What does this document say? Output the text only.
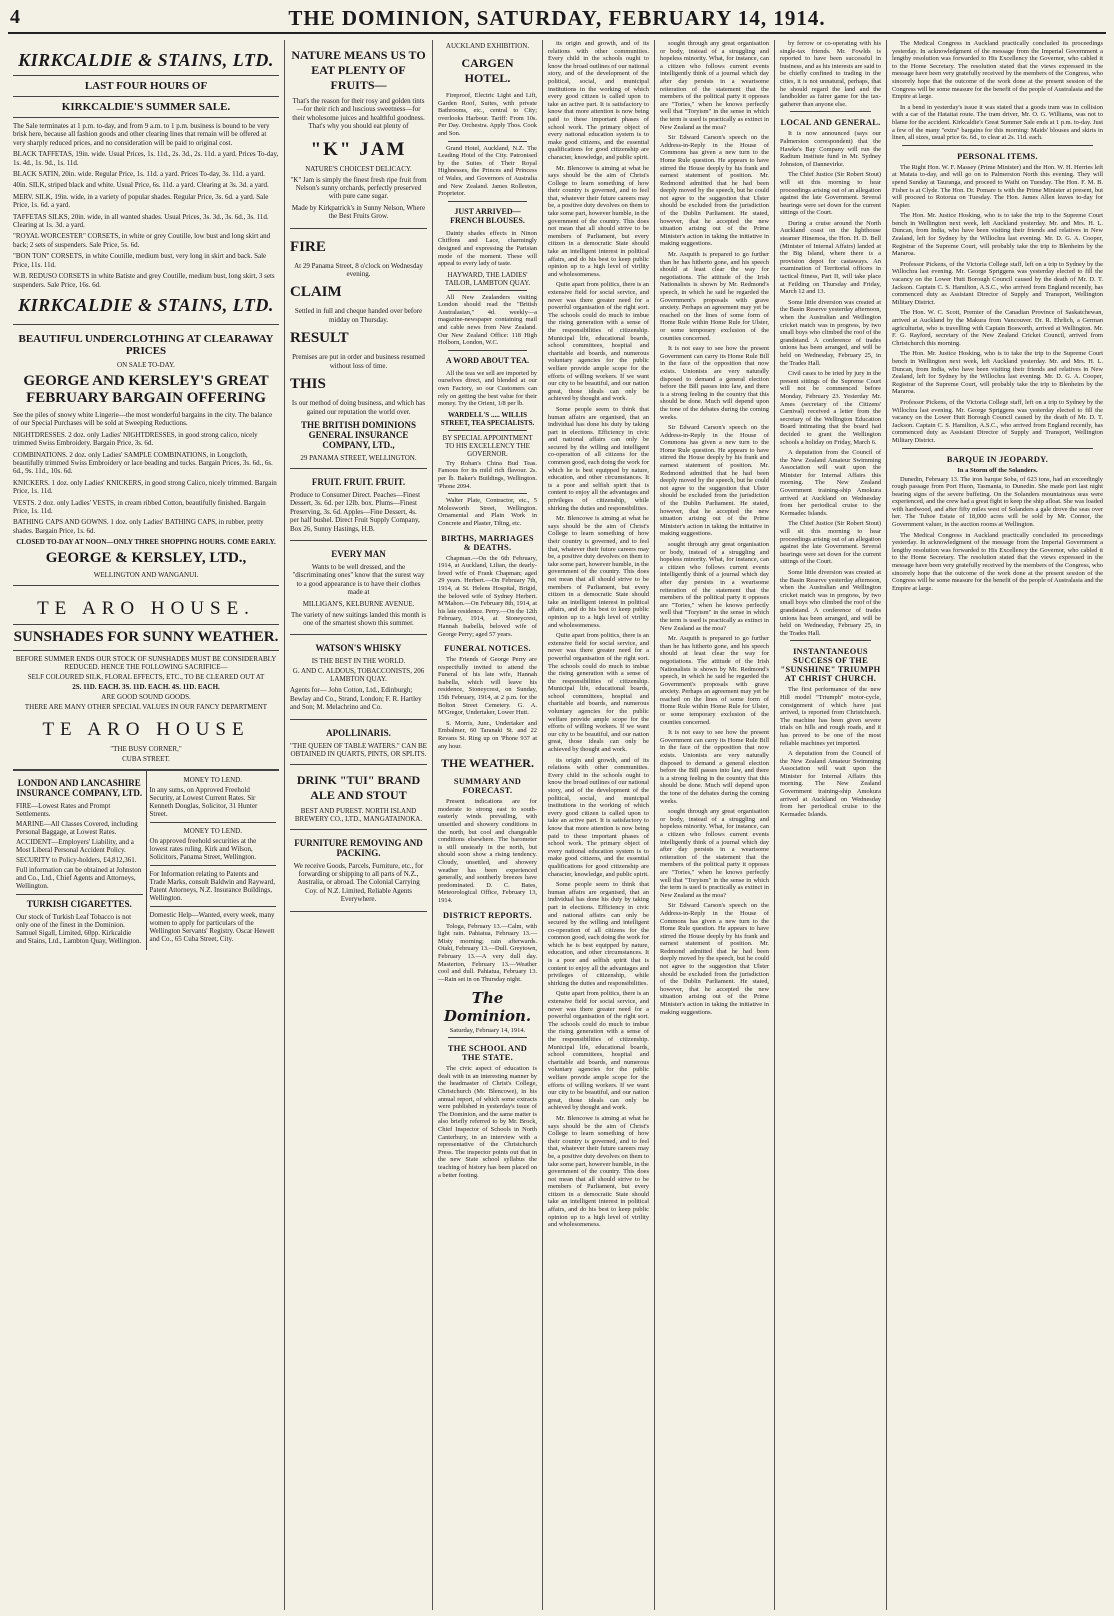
4	THE DOMINION, SATURDAY, FEBRUARY 14, 1914.
KIRKCALDIE & STAINS, LTD.
LAST FOUR HOURS OF
KIRKCALDIE'S SUMMER SALE.
The Sale terminates at 1 p.m. to-day, and from 9 a.m. to 1 p.m. business is bound to be very brisk here, because all fashion goods and other clearing lines that remain will be offered at very sharply reduced prices, and no consideration will be paid to original cost.
BLACK TAFFETAS, 19in. wide. Usual Prices, 1s. 11d., 2s. 3d., 2s. 11d. a yard. Prices To-day, 1s. 4d., 1s. 9d., 1s. 11d.
BLACK SATIN, 20in. wide. Regular Price, 1s. 11d. a yard. Prices To-day, 3s. 11d. a yard.
40in. SILK, striped black and white. Usual Price, 6s. 11d. a yard. Clearing at 3s. 3d. a yard.
MERV. SILK, 19in. wide, in a variety of popular shades. Regular Price, 3s. 6d. a yard. Sale Price, 1s. 6d. a yard.
TAFFETAS SILKS, 20in. wide, in all wanted shades. Usual Prices, 3s. 3d., 3s. 6d., 3s. 11d. Clearing at 1s. 3d. a yard.
"ROYAL WORCESTER" CORSETS, in white or grey Coutille, low bust and long skirt and back; 2 sets of suspenders. Sale Price, 5s. 6d.
"BON TON" CORSETS, in white Coutille, medium bust, very long in skirt and back. Sale Price, 11s. 11d.
W.B. REDUSO CORSETS in white Batiste and grey Coutille, medium bust, long skirt, 3 sets suspenders. Sale Price, 16s. 6d.
KIRKCALDIE & STAINS, LTD.
BEAUTIFUL UNDERCLOTHING AT CLEARAWAY PRICES
ON SALE TO-DAY.
GEORGE AND KERSLEY'S GREAT FEBRUARY BARGAIN OFFERING
See the piles of snowy white Lingerie—the most wonderful bargains in the city. The balance of our Special Purchases will be sold at Sweeping Reductions.
NIGHTDRESSES. 2 doz. only Ladies' NIGHTDRESSES, in good strong calico, nicely trimmed Swiss Embroidery. Bargain Price, 3s. 6d.
COMBINATIONS. 2 doz. only Ladies' SAMPLE COMBINATIONS, in Longcloth, beautifully trimmed Swiss Embroidery or lace beading and tucks. Bargain Prices, 3s. 6d., 6s. 6d., 9s. 11d., 10s. 6d.
KNICKERS. 1 doz. only Ladies' KNICKERS, in good strong Calico, nicely trimmed. Bargain Price, 1s. 11d.
VESTS. 2 doz. only Ladies' VESTS, in cream ribbed Cotton, beautifully finished. Bargain Price, 1s. 11d.
BATHING CAPS AND GOWNS. 1 doz. only Ladies' BATHING CAPS, in rubber, pretty shades. Bargain Price, 1s. 6d.
CLOSED TO-DAY AT NOON—ONLY THREE SHOPPING HOURS. COME EARLY.
GEORGE & KERSLEY, LTD.,
WELLINGTON AND WANGANUI.
TE ARO HOUSE.
SUNSHADES FOR SUNNY WEATHER.
BEFORE SUMMER ENDS OUR STOCK OF SUNSHADES MUST BE CONSIDERABLY REDUCED. HENCE THE FOLLOWING SACRIFICE—
SELF COLOURED SILK, FLORAL EFFECTS, ETC., TO BE CLEARED OUT AT
2S. 11D. EACH. 3S. 11D. EACH. 4S. 11D. EACH.
ARE GOOD SOUND GOODS.
THERE ARE MANY OTHER SPECIAL VALUES IN OUR FANCY DEPARTMENT
TE ARO HOUSE
"THE BUSY CORNER,"
CUBA STREET.
LONDON AND LANCASHIRE INSURANCE COMPANY, LTD.
FIRE—Lowest Rates and Prompt Settlements.
MARINE—All Classes Covered, including Personal Baggage, at Lowest Rates.
ACCIDENT—Employers' Liability, and a Most Liberal Personal Accident Policy.
SECURITY to Policy-holders, £4,812,361.
Full information can be obtained at Johnston and Co., Ltd., Chief Agents and Attorneys, Wellington.
TURKISH CIGARETTES.
Our stock of Turkish Leaf Tobacco is not only one of the finest in the Dominion. Samuel Sigall, Limited, 60pp. Kirkcaldie and Stains, Ltd., Lambton Quay, Wellington.
MONEY TO LEND.
In any sums, on Approved Freehold Security, at Lowest Current Rates. Sir Kenneth Douglas, Solicitor, 31 Hunter Street.
MONEY TO LEND.
On approved freehold securities at the lowest rates ruling. Kirk and Wilson, Solicitors, Panama Street, Wellington.
For Information relating to Patents and Trade Marks, consult Baldwin and Rayward, Patent Attorneys, N.Z. Insurance Buildings, Wellington.
Domestic Help—Wanted, every week, many women to apply for particulars of the Wellington Servants' Registry. Oscar Hewett and Co., 65 Cuba Street, City.
NATURE MEANS US TO EAT PLENTY OF FRUITS—
That's the reason for their rosy and golden tints—for their rich and luscious sweetness—for their wholesome juices and healthful goodness. That's why you should eat plenty of
"K" JAM
NATURE'S CHOICEST DELICACY.
"K" Jam is simply the finest fresh ripe fruit from Nelson's sunny orchards, perfectly preserved with pure cane sugar.
Made by Kirkpatrick's in Sunny Nelson, Where the Best Fruits Grow.
FIRE
At 29 Panama Street, 8 o'clock on Wednesday evening.
CLAIM
Settled in full and cheque handed over before midday on Thursday.
RESULT
Premises are put in order and business resumed without loss of time.
THIS
Is our method of doing business, and which has gained our reputation the world over.
THE BRITISH DOMINIONS GENERAL INSURANCE COMPANY, LTD.,
29 PANAMA STREET, WELLINGTON.
FRUIT. FRUIT. FRUIT.
Produce to Consumer Direct. Peaches—Finest Dessert, 3s. 6d. per 12lb. box. Plums—Finest Preserving, 3s. 6d. Apples—Fine Dessert, 4s. per half bushel. Direct Fruit Supply Company, Box 26, Sunny Hastings, H.B.
EVERY MAN
Wants to be well dressed, and the "discriminating ones" know that the surest way to a good appearance is to have their clothes made at
MILLIGAN'S, KELBURNE AVENUE.
The variety of new suitings landed this month is one of the smartest shown this summer.
WATSON'S WHISKY
IS THE BEST IN THE WORLD.
G. AND C. ALDOUS, TOBACCONISTS, 206 LAMBTON QUAY.
Agents for— John Cotton, Ltd., Edinburgh; Bewlay and Co., Strand, London; F. R. Hartley and Son; M. Melachrino and Co.
APOLLINARIS.
"THE QUEEN OF TABLE WATERS." CAN BE OBTAINED IN QUARTS, PINTS, OR SPLITS.
DRINK "TUI" BRAND ALE AND STOUT
BEST AND PUREST. NORTH ISLAND BREWERY CO., LTD., MANGATAINOKA.
FURNITURE REMOVING AND PACKING.
We receive Goods, Parcels, Furniture, etc., for forwarding or shipping to all parts of N.Z., Australia, or abroad. The Colonial Carrying Coy. of N.Z. Limited, Reliable Agents Everywhere.
AUCKLAND EXHIBITION.
CARGEN HOTEL.

Fireproof, Electric Light and Lift, Garden Roof, Suites, with private Bathrooms, etc., central to City; overlooks Harbour. Tariff: From 10s. Per Day. Orchestra. Apply Thos. Cook and Son.

Grand Hotel, Auckland, N.Z. The Leading Hotel of the City. Patronised by the Suites of Their Royal Highnesses, the Princes and Princess of Wales, and Governors of Australia and New Zealand. James Rolleston, Proprietor.

JUST ARRIVED— FRENCH BLOUSES.

Dainty shades effects in Ninon Chiffons and Lace, charmingly designed and expressing the Parisian mode of the moment. These will appeal to every lady of taste.

HAYWARD, THE LADIES' TAILOR, LAMBTON QUAY.

All New Zealanders visiting London should read the "British Australasian," 4d. weekly—a magazine-newspaper containing mail and cable news from New Zealand. Our New Zealand Office: 118 High Holborn, London, W.C.

A WORD ABOUT TEA.

All the teas we sell are imported by ourselves direct, and blended at our own Factory, so our Customers can rely on getting the best value for their money. Try the Orient, 1/8 per lb.

WARDELL'S ..... WILLIS STREET, TEA SPECIALISTS.
BY SPECIAL APPOINTMENT TO HIS EXCELLENCY THE GOVERNOR.

Try Rohan's China Bud Teas. Famous for its mild rich flavour. 2s. per lb. Baker's Buildings, Wellington. 'Phone 2094.

Walter Plate, Contractor, etc., 5 Molesworth Street, Wellington. Ornamental and Plain Work in Concrete and Plaster, Tiling, etc.

BIRTHS, MARRIAGES & DEATHS.

Chapman.—On the 6th February, 1914, at Auckland, Lilian, the dearly-loved wife of Frank Chapman; aged 29 years. Herbert.—On February 7th, 1914, at St. Helens Hospital, Brigid, the beloved wife of Sydney Herbert. M'Mahon.—On February 8th, 1914, at his late residence. Perry.—On the 12th February, 1914, at Stoneycrest, Hannah Isabella, beloved wife of George Perry; aged 57 years.

FUNERAL NOTICES.

The Friends of George Perry are respectfully invited to attend the Funeral of his late wife, Hannah Isabella, which will leave his residence, Stoneycrest, on Sunday, 15th February, 1914, at 2 p.m. for the Bolton Street Cemetery. G. A. M'Gregor, Undertaker, Lower Hutt.

S. Morris, Junr., Undertaker and Embalmer, 60 Taranaki St. and 22 Revans St. Ring up on 'Phone 937 at any hour.

THE WEATHER.
SUMMARY AND FORECAST.

Present indications are for moderate to strong east to south-easterly winds prevailing, with unsettled and showery conditions in the north, but cool and changeable conditions elsewhere. The barometer is still unsteady in the north, but should soon show a rising tendency. Cloudy, unsettled, and showery weather has been experienced generally, and southerly breezes have predominated. D. C. Bates, Meteorological Office, February 13, 1914.

DISTRICT REPORTS.

Tologa, February 13.—Calm, with light rain. Pahiatua, February 13.—Misty morning; rain afterwards. Otaki, February 13.—Dull. Greytown, February 13.—A very dull day. Masterton, February 13.—Weather cool and dull. Pahiatua, February 13.—Rain set in on Thursday night.

The Dominion.
Saturday, February 14, 1914.
THE SCHOOL AND THE STATE.

The civic aspect of education is dealt with in an interesting manner by the headmaster of Christ's College, Christchurch (Mr. Blencowe), in his annual report, of which some extracts were published in yesterday's issue of The Dominion, and the same matter is also briefly referred to by Mr. Brock, Chief Inspector of Schools in North Canterbury, in an interview with a representative of the Christchurch Press. The inspector points out that in the new State school syllabus the teaching of history has been placed on a better footing.

its origin and growth, and of its relations with other communities. Every child in the schools ought to know the broad outlines of our national story, and of the development of the political, social, and municipal institutions in the working of which every good citizen is called upon to take an active part. It is satisfactory to know that more attention is now being paid to these important phases of school work. The primary object of every national education system is to make good citizens, and the essential qualifications for good citizenship are character, knowledge, and public spirit.

Mr. Blencowe is aiming at what he says should be the aim of Christ's College to learn something of how their country is governed, and to feel that, whatever their future careers may be, a positive duty devolves on them to take some part, however humble, in the government of the country. This does not mean that all should strive to be members of Parliament, but every citizen in a democratic State should take an intelligent interest in political affairs, and do his best to keep public opinion up to a high level of virility and wholesomeness.

Quite apart from politics, there is an extensive field for social service, and never was there greater need for a powerful organisation of the right sort. The schools could do much to imbue the rising generation with a sense of the responsibilities of citizenship. Municipal life, educational boards, school committees, hospital and charitable aid boards, and numerous voluntary agencies for the public welfare provide ample scope for the efforts of willing workers. If we want our city to be beautiful, and our nation great, those ideals can only be achieved by thought and work.

Some people seem to think that human affairs are organised, that an individual has done his duty by taking part in elections. Efficiency in civic and national affairs can only be secured by the willing and intelligent co-operation of all citizens for the common good, each doing the work for which he is best equipped by nature, education, and other circumstances. It is a poor and selfish spirit that is content to enjoy all the advantages and privileges of citizenship, while shirking the duties and responsibilities.

Mr. Blencowe is aiming at what he says should be the aim of Christ's College to learn something of how their country is governed, and to feel that, whatever their future careers may be, a positive duty devolves on them to take some part, however humble, in the government of the country. This does not mean that all should strive to be members of Parliament, but every citizen in a democratic State should take an intelligent interest in political affairs, and do his best to keep public opinion up to a high level of virility and wholesomeness.

Quite apart from politics, there is an extensive field for social service, and never was there greater need for a powerful organisation of the right sort. The schools could do much to imbue the rising generation with a sense of the responsibilities of citizenship. Municipal life, educational boards, school committees, hospital and charitable aid boards, and numerous voluntary agencies for the public welfare provide ample scope for the efforts of willing workers. If we want our city to be beautiful, and our nation great, those ideals can only be achieved by thought and work.

its origin and growth, and of its relations with other communities. Every child in the schools ought to know the broad outlines of our national story, and of the development of the political, social, and municipal institutions in the working of which every good citizen is called upon to take an active part. It is satisfactory to know that more attention is now being paid to these important phases of school work. The primary object of every national education system is to make good citizens, and the essential qualifications for good citizenship are character, knowledge, and public spirit.

Some people seem to think that human affairs are organised, that an individual has done his duty by taking part in elections. Efficiency in civic and national affairs can only be secured by the willing and intelligent co-operation of all citizens for the common good, each doing the work for which he is best equipped by nature, education, and other circumstances. It is a poor and selfish spirit that is content to enjoy all the advantages and privileges of citizenship, while shirking the duties and responsibilities.

Quite apart from politics, there is an extensive field for social service, and never was there greater need for a powerful organisation of the right sort. The schools could do much to imbue the rising generation with a sense of the responsibilities of citizenship. Municipal life, educational boards, school committees, hospital and charitable aid boards, and numerous voluntary agencies for the public welfare provide ample scope for the efforts of willing workers. If we want our city to be beautiful, and our nation great, those ideals can only be achieved by thought and work.

Mr. Blencowe is aiming at what he says should be the aim of Christ's College to learn something of how their country is governed, and to feel that, whatever their future careers may be, a positive duty devolves on them to take some part, however humble, in the government of the country. This does not mean that all should strive to be members of Parliament, but every citizen in a democratic State should take an intelligent interest in political affairs, and do his best to keep public opinion up to a high level of virility and wholesomeness.

sought through any great organisation or body, instead of a struggling and hopeless minority. What, for instance, can a citizen who follows current events intelligently think of a journal which day after day persists in a wearisome reiteration of the statement that the members of the political party it opposes are "Tories," when he knows perfectly well that "Toryism" in the sense in which the term is used is practically as extinct in New Zealand as the moa?

Sir Edward Carson's speech on the Address-in-Reply in the House of Commons has given a new turn to the Home Rule question. He appears to have stirred the House deeply by his frank and earnest statement of position. Mr. Redmond admitted that he had been deeply moved by the speech, but he could not agree to the suggestion that Ulster should be excluded from the jurisdiction of the Dublin Parliament. He stated, however, that he accepted the new situation arising out of the Prime Minister's action in taking the initiative in making suggestions.

Mr. Asquith is prepared to go further than he has hitherto gone, and his speech should at least clear the way for negotiations. The attitude of the Irish Nationalists is shown by Mr. Redmond's speech, in which he said he regarded the Government's proposals with grave anxiety. Perhaps an agreement may yet be reached on the lines of some form of Home Rule within Home Rule for Ulster, or some temporary exclusion of the counties concerned.

It is not easy to see how the present Government can carry its Home Rule Bill in the face of the opposition that now exists. Unionists are very naturally disposed to demand a general election before the Bill passes into law, and there is a strong feeling in the country that this should be done. Much will depend upon the tone of the debates during the coming weeks.

Sir Edward Carson's speech on the Address-in-Reply in the House of Commons has given a new turn to the Home Rule question. He appears to have stirred the House deeply by his frank and earnest statement of position. Mr. Redmond admitted that he had been deeply moved by the speech, but he could not agree to the suggestion that Ulster should be excluded from the jurisdiction of the Dublin Parliament. He stated, however, that he accepted the new situation arising out of the Prime Minister's action in taking the initiative in making suggestions.

sought through any great organisation or body, instead of a struggling and hopeless minority. What, for instance, can a citizen who follows current events intelligently think of a journal which day after day persists in a wearisome reiteration of the statement that the members of the political party it opposes are "Tories," when he knows perfectly well that "Toryism" in the sense in which the term is used is practically as extinct in New Zealand as the moa?

Mr. Asquith is prepared to go further than he has hitherto gone, and his speech should at least clear the way for negotiations. The attitude of the Irish Nationalists is shown by Mr. Redmond's speech, in which he said he regarded the Government's proposals with grave anxiety. Perhaps an agreement may yet be reached on the lines of some form of Home Rule within Home Rule for Ulster, or some temporary exclusion of the counties concerned.

It is not easy to see how the present Government can carry its Home Rule Bill in the face of the opposition that now exists. Unionists are very naturally disposed to demand a general election before the Bill passes into law, and there is a strong feeling in the country that this should be done. Much will depend upon the tone of the debates during the coming weeks.

sought through any great organisation or body, instead of a struggling and hopeless minority. What, for instance, can a citizen who follows current events intelligently think of a journal which day after day persists in a wearisome reiteration of the statement that the members of the political party it opposes are "Tories," when he knows perfectly well that "Toryism" in the sense in which the term is used is practically as extinct in New Zealand as the moa?

Sir Edward Carson's speech on the Address-in-Reply in the House of Commons has given a new turn to the Home Rule question. He appears to have stirred the House deeply by his frank and earnest statement of position. Mr. Redmond admitted that he had been deeply moved by the speech, but he could not agree to the suggestion that Ulster should be excluded from the jurisdiction of the Dublin Parliament. He stated, however, that he accepted the new situation arising out of the Prime Minister's action in taking the initiative in making suggestions.

by ferrow or co-operating with his single-tax friends. Mr. Fowlds is reported to have been successful in business, and as his interests are said to be chiefly confined to trading in the cities, it is not unnatural, perhaps, that he should regard the land and the landholder as fairer game for the tax-gatherer than anyone else.

LOCAL AND GENERAL.

It is now announced (says our Palmerston correspondent) that the Hawke's Bay Company will run the Radium Institute fund in Mr. Sydney Johnston, of Dannevirke.

The Chief Justice (Sir Robert Stout) will sit this morning to hear proceedings arising out of an allegation against the late Government. Several hearings were set down for the current sittings of the Court.

During a cruise around the North Auckland coast on the lighthouse steamer Hinemoa, the Hon. H. D. Bell (Minister of Internal Affairs) landed at the Big Island, where there is a provision depot for castaways. An examination of Territorial officers in tactical fitness, Part II, will take place at Feilding on Thursday and Friday, March 12 and 13.

Some little diversion was created at the Basin Reserve yesterday afternoon, when the Australian and Wellington cricket match was in progress, by two small boys who climbed the roof of the grandstand. A conference of trades unions has been arranged, and will be held on Wednesday, February 25, in the Trades Hall.

Civil cases to be tried by jury in the present sittings of the Supreme Court will not be commenced before Monday, February 23. Yesterday Mr. Ames (secretary of the Citizens' Carnival) received a letter from the secretary of the Wellington Education Board intimating that the board had decided to grant the Wellington schools a holiday on Friday, March 6.

A deputation from the Council of the New Zealand Amateur Swimming Association will wait upon the Minister for Internal Affairs this morning. The New Zealand Government training-ship Amokura arrived at Auckland on Wednesday from her periodical cruise to the Kermadec Islands.

The Chief Justice (Sir Robert Stout) will sit this morning to hear proceedings arising out of an allegation against the late Government. Several hearings were set down for the current sittings of the Court.

Some little diversion was created at the Basin Reserve yesterday afternoon, when the Australian and Wellington cricket match was in progress, by two small boys who climbed the roof of the grandstand. A conference of trades unions has been arranged, and will be held on Wednesday, February 25, in the Trades Hall.

INSTANTANEOUS SUCCESS OF THE "SUNSHINE" TRIUMPH AT CHRIST CHURCH.

The first performance of the new Hill model "Triumph" motor-cycle, consignment of which have just arrived, is reported from Christchurch. The machine has been given severe trials on hills and rough roads, and it has proved to be one of the most reliable machines yet imported.

A deputation from the Council of the New Zealand Amateur Swimming Association will wait upon the Minister for Internal Affairs this morning. The New Zealand Government training-ship Amokura arrived at Auckland on Wednesday from her periodical cruise to the Kermadec Islands.

The Medical Congress in Auckland practically concluded its proceedings yesterday. In acknowledgment of the message from the Imperial Government a lengthy resolution was forwarded to His Excellency the Governor, who cabled it to the Home Secretary. The resolution stated that the views expressed in the message have been very gratefully received by the members of the Congress, who sincerely hope that the outcome of the work done at the present session of the Congress will be some measure for the benefit of the people of Australasia and the Empire at large.

In a bend in yesterday's issue it was stated that a goods tram was in collision with a car of the Hataitai route. The tram driver, Mr. O. G. Williams, was not to blame for the accident. Kirkcaldie's Great Summer Sale ends at 1 p.m. to-day. Just a few of the many "extra" bargains for this morning: Maids' blouses and skirts in linen, all sizes, usual price 6s. 6d., to clear at 2s. 11d. each.

PERSONAL ITEMS.

The Right Hon. W. F. Massey (Prime Minister) and the Hon. W. H. Herries left at Matata to-day, and will go on to Palmerston North this evening. They will spend Sunday at Tauranga, and proceed to Waihi on Tuesday. The Hon. F. M. B. Fisher is at Clyde. The Hon. Dr. Pomare is with the Prime Minister at present, but will proceed to Rotorua on Tuesday. The Hon. James Allen leaves to-day for Napier.

The Hon. Mr. Justice Hosking, who is to take the trip to the Supreme Court bench in Wellington next week, left Auckland yesterday. Mr. and Mrs. H. L. Duncan, from India, who have been visiting their friends and relatives in New Zealand, left for Sydney by the Willochra last evening. Mr. D. G. A. Cooper, Registrar of the Supreme Court, will probably take the trip to Blenheim by the Mararoa.

Professor Pickens, of the Victoria College staff, left on a trip to Sydney by the Willochra last evening. Mr. George Spriggens was yesterday elected to fill the vacancy on the Lower Hutt Borough Council caused by the death of Mr. D. T. Jackson. Captain C. S. Hamilton, A.S.C., who arrived from England recently, has commenced duty as Assistant Director of Supply and Transport, Wellington Military District.

The Hon. W. C. Scott, Premier of the Canadian Province of Saskatchewan, arrived at Auckland by the Makura from Vancouver. Dr. R. Ehrlich, a German agriculturist, who is travelling with Captain Bosworth, arrived at Wellington. Mr. F. G. Rayford, secretary of the New Zealand Cricket Council, arrived from Christchurch this morning.

The Hon. Mr. Justice Hosking, who is to take the trip to the Supreme Court bench in Wellington next week, left Auckland yesterday. Mr. and Mrs. H. L. Duncan, from India, who have been visiting their friends and relatives in New Zealand, left for Sydney by the Willochra last evening. Mr. D. G. A. Cooper, Registrar of the Supreme Court, will probably take the trip to Blenheim by the Mararoa.

Professor Pickens, of the Victoria College staff, left on a trip to Sydney by the Willochra last evening. Mr. George Spriggens was yesterday elected to fill the vacancy on the Lower Hutt Borough Council caused by the death of Mr. D. T. Jackson. Captain C. S. Hamilton, A.S.C., who arrived from England recently, has commenced duty as Assistant Director of Supply and Transport, Wellington Military District.

BARQUE IN JEOPARDY.
In a Storm off the Solanders.

Dunedin, February 13. The iron barque Soba, of 623 tons, had an exceedingly rough passage from Port Huon, Tasmania, to Dunedin. She made port last night bearing signs of the severe buffeting. On the Solanders mountainous seas were experienced, and the crew had a great fight to keep the ship afloat. She was loaded with hardwood, and after fifty miles west of Solanders a gale drove the seas over her. The Tuhoe Estate of 18,000 acres will be sold by Mr. Connor, the Government valuer, in the auction rooms at Wellington.

The Medical Congress in Auckland practically concluded its proceedings yesterday. In acknowledgment of the message from the Imperial Government a lengthy resolution was forwarded to His Excellency the Governor, who cabled it to the Home Secretary. The resolution stated that the views expressed in the message have been very gratefully received by the members of the Congress, who sincerely hope that the outcome of the work done at the present session of the Congress will be some measure for the benefit of the people of Australasia and the Empire at large.
